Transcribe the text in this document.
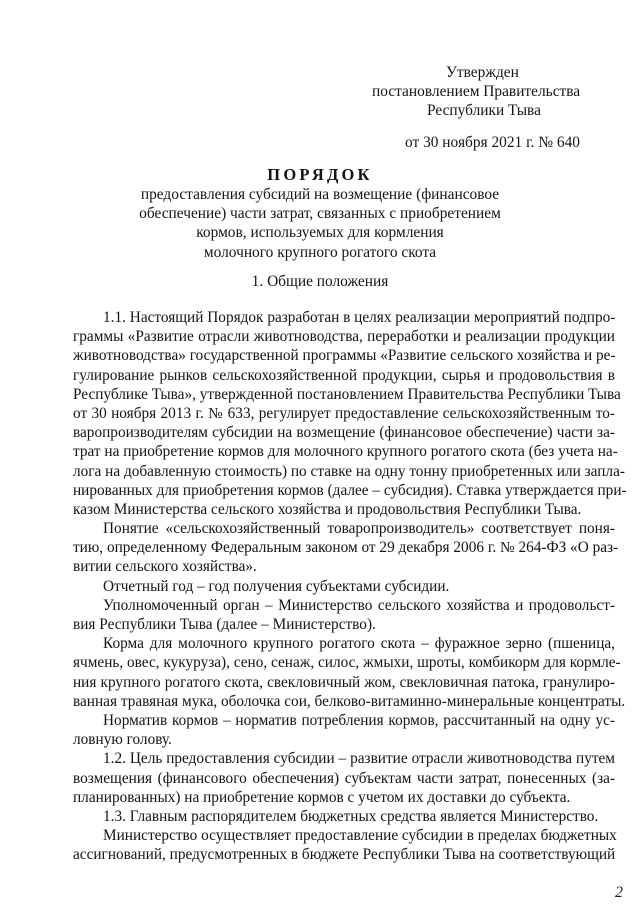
Утвержден
постановлением Правительства
Республики Тыва
от 30 ноября 2021 г. № 640
ПОРЯДОК
предоставления субсидий на возмещение (финансовое
обеспечение) части затрат, связанных с приобретением
кормов, используемых для кормления
молочного крупного рогатого скота
1. Общие положения
1.1. Настоящий Порядок разработан в целях реализации мероприятий подпро-
граммы «Развитие отрасли животноводства, переработки и реализации продукции
животноводства» государственной программы «Развитие сельского хозяйства и ре-
гулирование рынков сельскохозяйственной продукции, сырья и продовольствия в
Республике Тыва», утвержденной постановлением Правительства Республики Тыва
от 30 ноября 2013 г. № 633, регулирует предоставление сельскохозяйственным то-
варопроизводителям субсидии на возмещение (финансовое обеспечение) части за-
трат на приобретение кормов для молочного крупного рогатого скота (без учета на-
лога на добавленную стоимость) по ставке на одну тонну приобретенных или запла-
нированных для приобретения кормов (далее – субсидия). Ставка утверждается при-
казом Министерства сельского хозяйства и продовольствия Республики Тыва.
Понятие «сельскохозяйственный товаропроизводитель» соответствует поня-
тию, определенному Федеральным законом от 29 декабря 2006 г. № 264-ФЗ «О раз-
витии сельского хозяйства».
Отчетный год – год получения субъектами субсидии.
Уполномоченный орган – Министерство сельского хозяйства и продовольст-
вия Республики Тыва (далее – Министерство).
Корма для молочного крупного рогатого скота – фуражное зерно (пшеница,
ячмень, овес, кукуруза), сено, сенаж, силос, жмыхи, шроты, комбикорм для кормле-
ния крупного рогатого скота, свекловичный жом, свекловичная патока, гранулиро-
ванная травяная мука, оболочка сои, белково-витаминно-минеральные концентраты.
Норматив кормов – норматив потребления кормов, рассчитанный на одну ус-
ловную голову.
1.2. Цель предоставления субсидии – развитие отрасли животноводства путем
возмещения (финансового обеспечения) субъектам части затрат, понесенных (за-
планированных) на приобретение кормов с учетом их доставки до субъекта.
1.3. Главным распорядителем бюджетных средства является Министерство.
Министерство осуществляет предоставление субсидии в пределах бюджетных
ассигнований, предусмотренных в бюджете Республики Тыва на соответствующий
2
